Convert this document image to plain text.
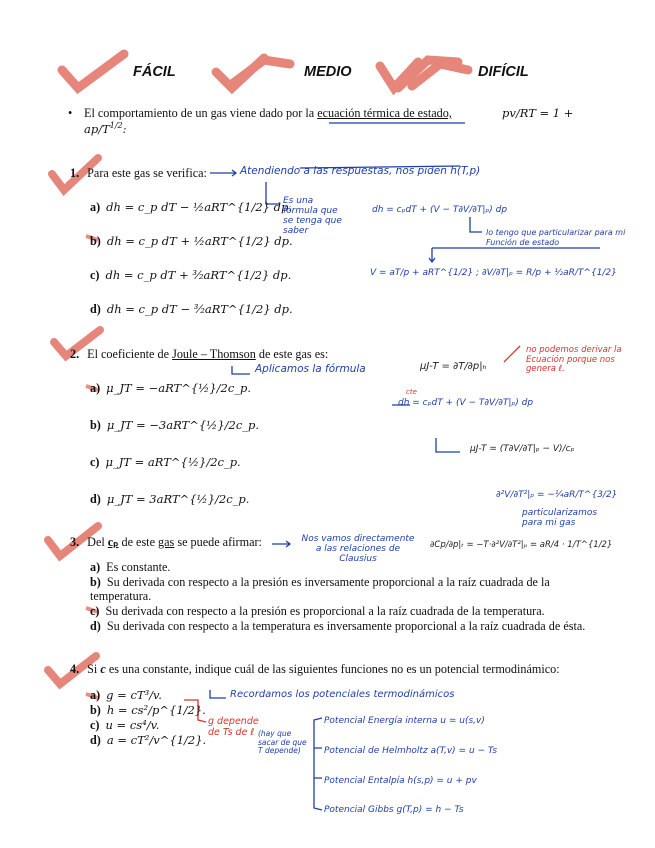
FÁCIL	MEDIO	DIFÍCIL
• El comportamiento de un gas viene dado por la ecuación térmica de estado,	pv/RT = 1 +
$ap/T^{1/2}$:
1. Para este gas se verifica:
a) dh = c_p dT − ½aRT^{1/2} dp.
b) dh = c_p dT + ½aRT^{1/2} dp.
c) dh = c_p dT + ³⁄₂aRT^{1/2} dp.
d) dh = c_p dT − ³⁄₂aRT^{1/2} dp.
Atendiendo a las respuestas, nos piden h(T,p)
Es una fórmula que se tenga que saber
dh = cₚdT + (V − T∂V/∂T|ₚ) dp
lo tengo que particularizar para mi Función de estado
V = aT/p + aRT^{1/2} ; ∂V/∂T|ₚ = R/p + ½aR/T^{1/2}
2. El coeficiente de Joule – Thomson de este gas es:
a) μ_JT = −aRT^{½}/2c_p.
b) μ_JT = −3aRT^{½}/2c_p.
c) μ_JT = aRT^{½}/2c_p.
d) μ_JT = 3aRT^{½}/2c_p.
Aplicamos la fórmula	μJ-T = ∂T/∂p|ₕ
no podemos derivar la Ecuación porque nos genera ℓ.
cte
dh = cₚdT + (V − T∂V/∂T|ₚ) dp
μJ-T = (T∂V/∂T|ₚ − V)/cₚ
∂²V/∂T²|ₚ = −¼aR/T^{3/2}
particularizamos para mi gas
3. Del cₚ de este gas se puede afirmar:
a) Es constante.
b) Su derivada con respecto a la presión es inversamente proporcional a la raíz cuadrada de la temperatura.
c) Su derivada con respecto a la presión es proporcional a la raíz cuadrada de la temperatura.
d) Su derivada con respecto a la temperatura es inversamente proporcional a la raíz cuadrada de ésta.
Nos vamos directamente a las relaciones de Clausius
∂Cp/∂p|ₜ = −T·∂²V/∂T²|ₚ = aR/4 · 1/T^{1/2}
4. Si c es una constante, indique cuál de las siguientes funciones no es un potencial termodinámico:
a) g = cT³/v.
b) h = cs²/p^{1/2}.
c) u = cs⁴/v.
d) a = cT²/v^{1/2}.
Recordamos los potenciales termodinámicos
g depende de Ts de ℓ (hay que sacar de que T depende)
Potencial Energía interna u = u(s,v)
Potencial de Helmholtz a(T,v) = u − Ts
Potencial Entalpía h(s,p) = u + pv
Potencial Gibbs g(T,p) = h − Ts
